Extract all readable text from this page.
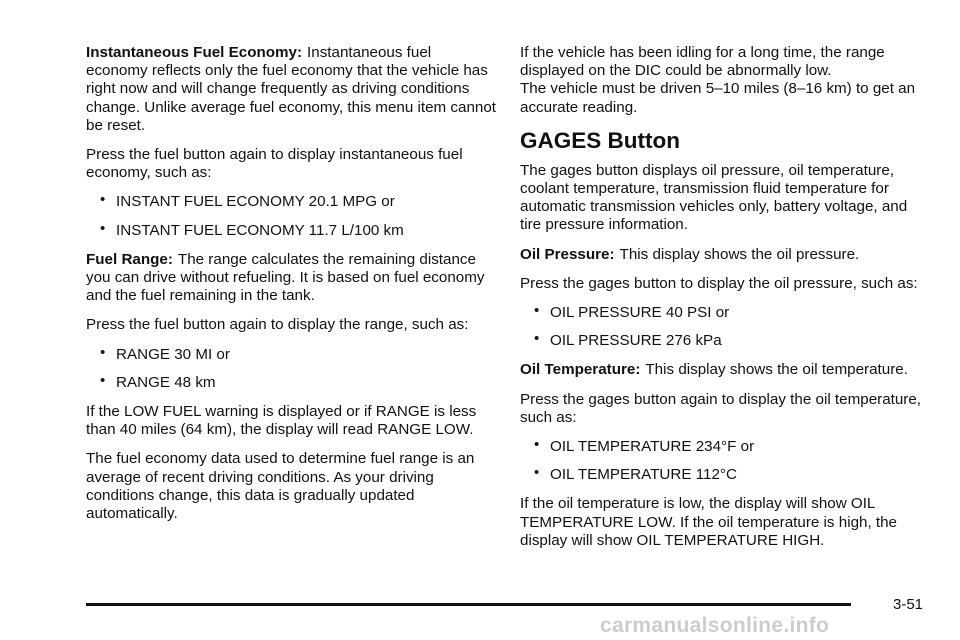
Instantaneous Fuel Economy: Instantaneous fuel economy reflects only the fuel economy that the vehicle has right now and will change frequently as driving conditions change. Unlike average fuel economy, this menu item cannot be reset.

Press the fuel button again to display instantaneous fuel economy, such as:

• INSTANT FUEL ECONOMY 20.1 MPG or
• INSTANT FUEL ECONOMY 11.7 L/100 km

Fuel Range: The range calculates the remaining distance you can drive without refueling. It is based on fuel economy and the fuel remaining in the tank.

Press the fuel button again to display the range, such as:

• RANGE 30 MI or
• RANGE 48 km

If the LOW FUEL warning is displayed or if RANGE is less than 40 miles (64 km), the display will read RANGE LOW.

The fuel economy data used to determine fuel range is an average of recent driving conditions. As your driving conditions change, this data is gradually updated automatically.

If the vehicle has been idling for a long time, the range displayed on the DIC could be abnormally low.
The vehicle must be driven 5–10 miles (8–16 km) to get an accurate reading.

GAGES Button

The gages button displays oil pressure, oil temperature, coolant temperature, transmission fluid temperature for automatic transmission vehicles only, battery voltage, and tire pressure information.

Oil Pressure: This display shows the oil pressure.

Press the gages button to display the oil pressure, such as:

• OIL PRESSURE 40 PSI or
• OIL PRESSURE 276 kPa

Oil Temperature: This display shows the oil temperature.

Press the gages button again to display the oil temperature, such as:

• OIL TEMPERATURE 234°F or
• OIL TEMPERATURE 112°C

If the oil temperature is low, the display will show OIL TEMPERATURE LOW. If the oil temperature is high, the display will show OIL TEMPERATURE HIGH.

3-51
carmanualsonline.info
